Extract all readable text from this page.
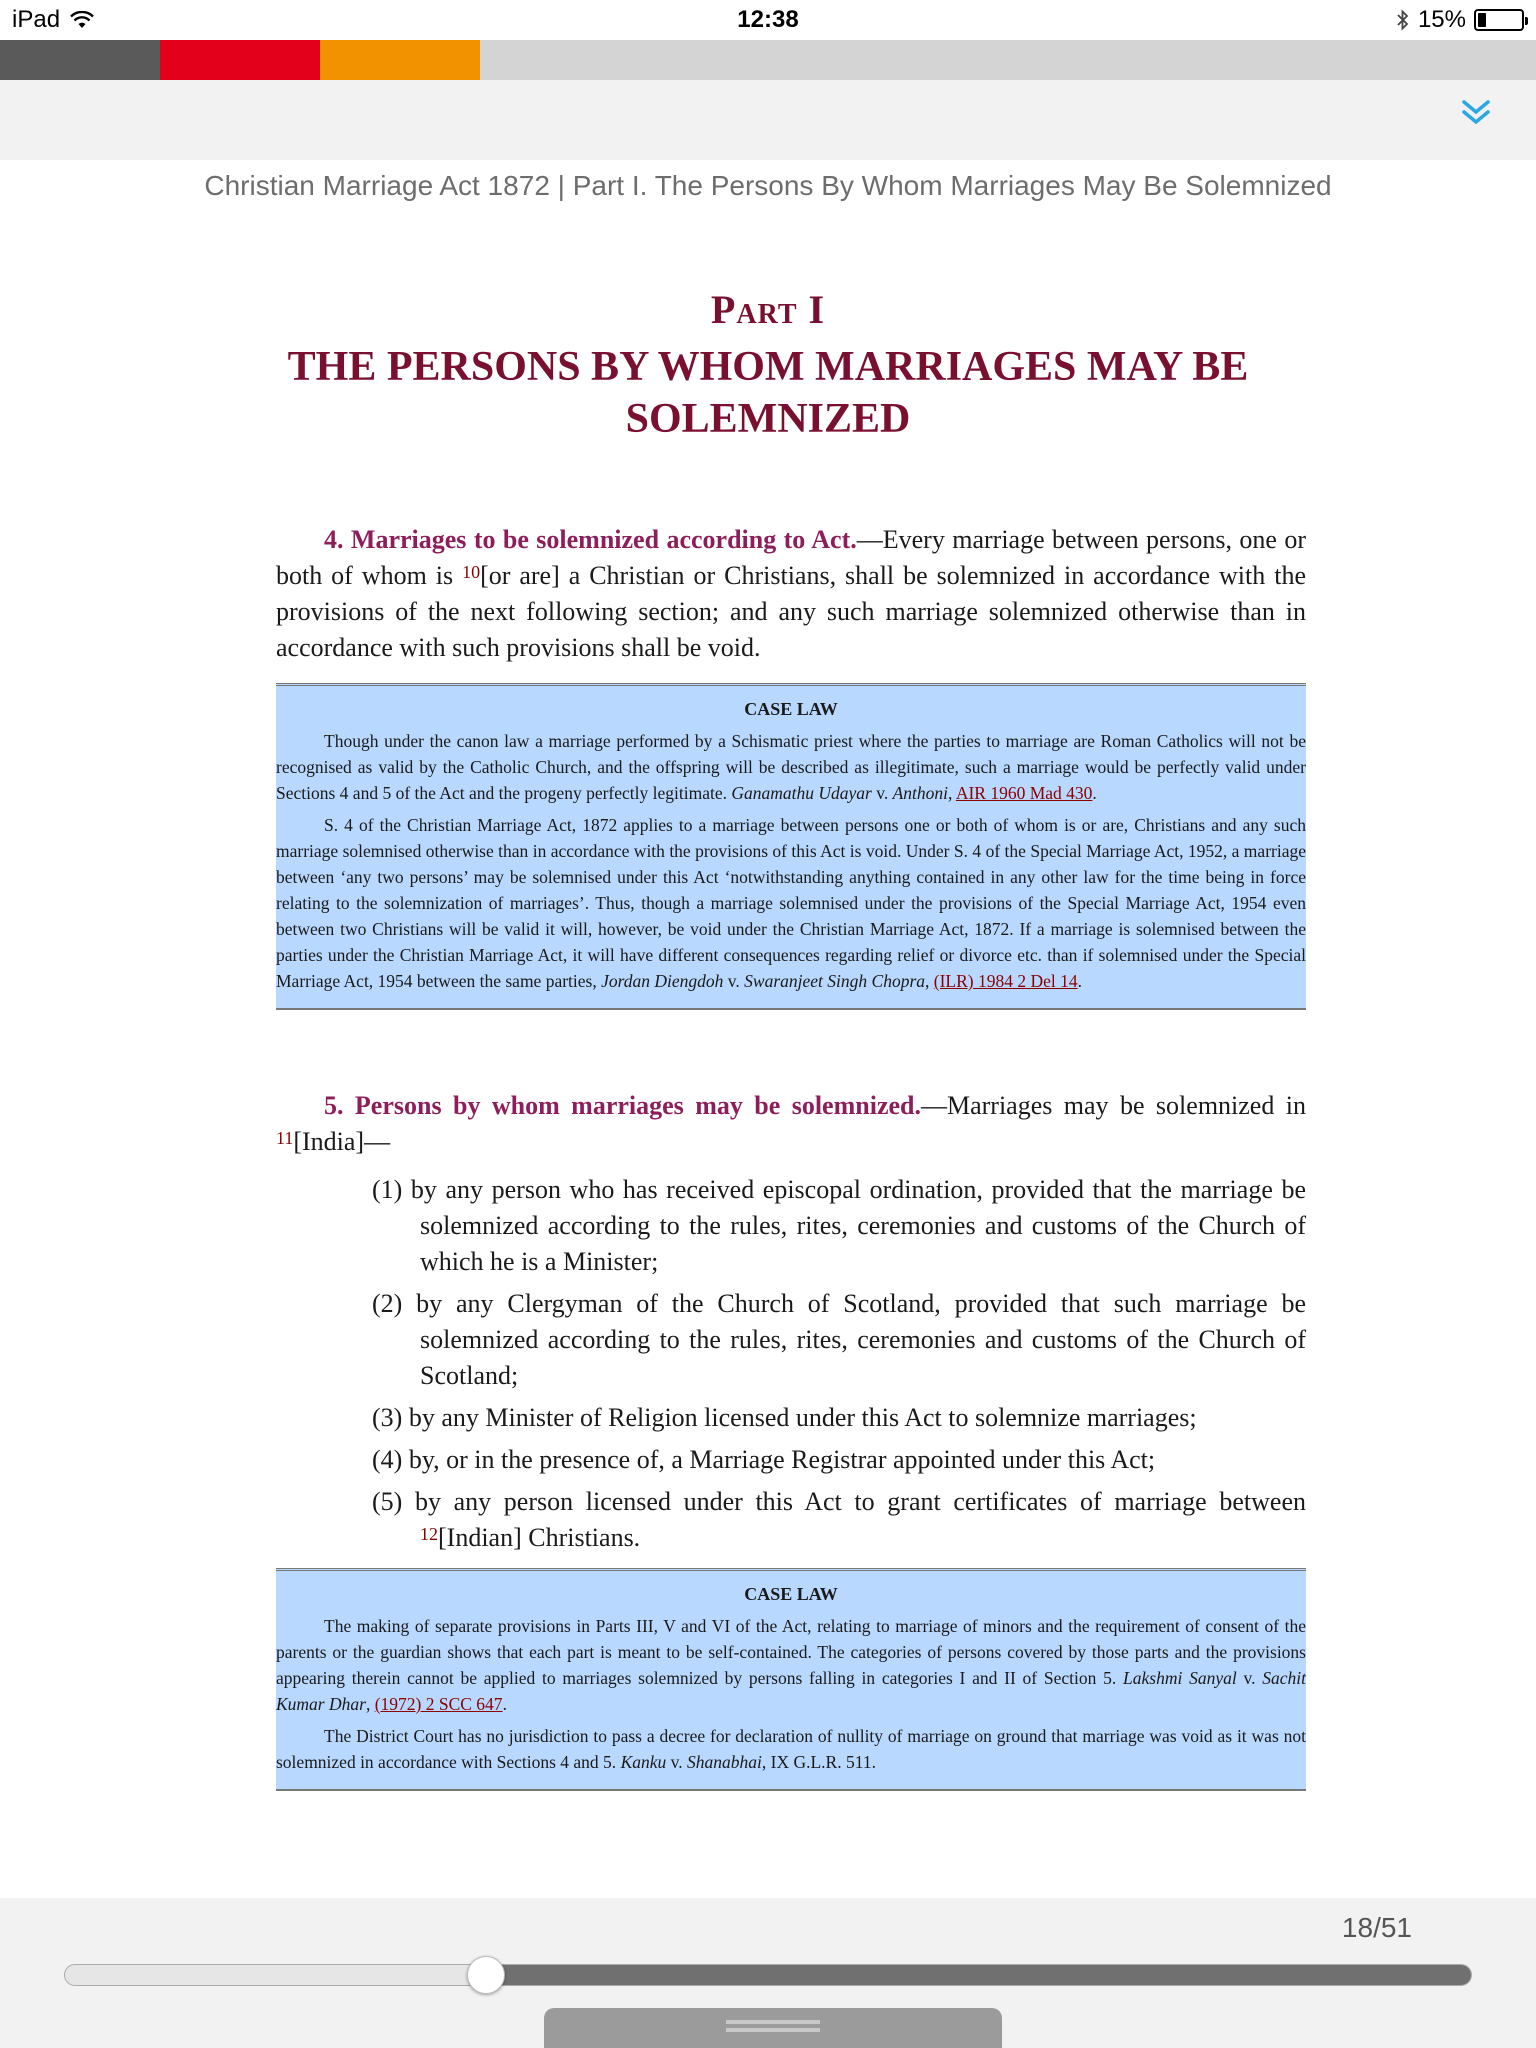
iPad	12:38	15%
Christian Marriage Act 1872 | Part I. The Persons By Whom Marriages May Be Solemnized
Part I
THE PERSONS BY WHOM MARRIAGES MAY BE SOLEMNIZED
4. Marriages to be solemnized according to Act.—Every marriage between persons, one or both of whom is $^{10}$[or are] a Christian or Christians, shall be solemnized in accordance with the provisions of the next following section; and any such marriage solemnized otherwise than in accordance with such provisions shall be void.
CASE LAW

Though under the canon law a marriage performed by a Schismatic priest where the parties to marriage are Roman Catholics will not be recognised as valid by the Catholic Church, and the offspring will be described as illegitimate, such a marriage would be perfectly valid under Sections 4 and 5 of the Act and the progeny perfectly legitimate. Ganamathu Udayar v. Anthoni, AIR 1960 Mad 430.

S. 4 of the Christian Marriage Act, 1872 applies to a marriage between persons one or both of whom is or are, Christians and any such marriage solemnised otherwise than in accordance with the provisions of this Act is void. Under S. 4 of the Special Marriage Act, 1952, a marriage between ‘any two persons’ may be solemnised under this Act ‘notwithstanding anything contained in any other law for the time being in force relating to the solemnization of marriages’. Thus, though a marriage solemnised under the provisions of the Special Marriage Act, 1954 even between two Christians will be valid it will, however, be void under the Christian Marriage Act, 1872. If a marriage is solemnised between the parties under the Christian Marriage Act, it will have different consequences regarding relief or divorce etc. than if solemnised under the Special Marriage Act, 1954 between the same parties, Jordan Diengdoh v. Swaranjeet Singh Chopra, (ILR) 1984 2 Del 14.

5. Persons by whom marriages may be solemnized.—Marriages may be solemnized in $^{11}$[India]—
(1) by any person who has received episcopal ordination, provided that the marriage be solemnized according to the rules, rites, ceremonies and customs of the Church of which he is a Minister;
(2) by any Clergyman of the Church of Scotland, provided that such marriage be solemnized according to the rules, rites, ceremonies and customs of the Church of Scotland;
(3) by any Minister of Religion licensed under this Act to solemnize marriages;
(4) by, or in the presence of, a Marriage Registrar appointed under this Act;
(5) by any person licensed under this Act to grant certificates of marriage between $^{12}$[Indian] Christians.
CASE LAW

The making of separate provisions in Parts III, V and VI of the Act, relating to marriage of minors and the requirement of consent of the parents or the guardian shows that each part is meant to be self-contained. The categories of persons covered by those parts and the provisions appearing therein cannot be applied to marriages solemnized by persons falling in categories I and II of Section 5. Lakshmi Sanyal v. Sachit Kumar Dhar, (1972) 2 SCC 647.

The District Court has no jurisdiction to pass a decree for declaration of nullity of marriage on ground that marriage was void as it was not solemnized in accordance with Sections 4 and 5. Kanku v. Shanabhai, IX G.L.R. 511.

18/51
